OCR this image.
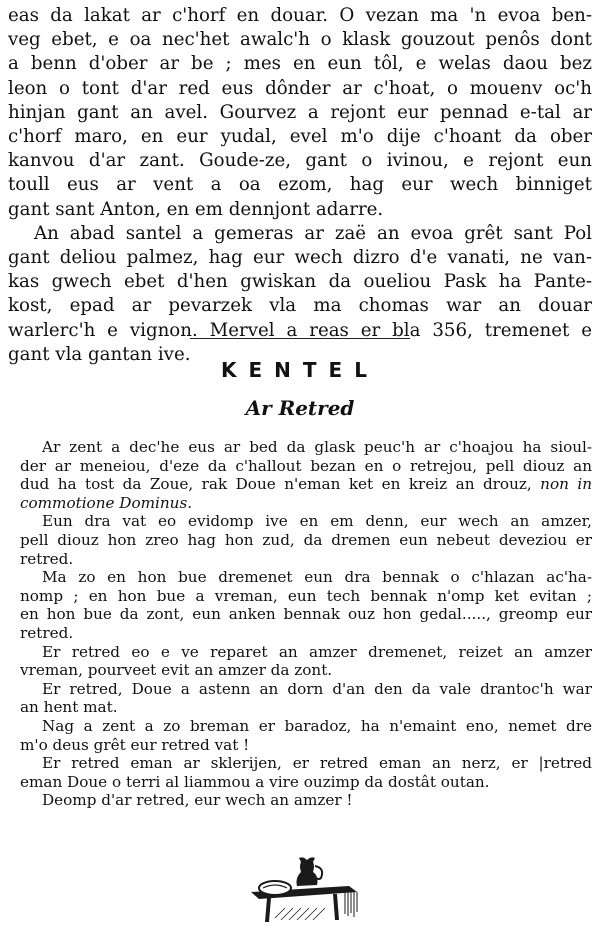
eas da lakat ar c'horf en douar. O vezan ma 'n evoa ben-
veg ebet, e oa nec'het awalc'h o klask gouzout penôs dont
a benn d'ober ar be ; mes en eun tôl, e welas daou bez
leon o tont d'ar red eus dônder ar c'hoat, o mouenv oc'h
hinjan gant an avel. Gourvez a rejont eur pennad e-tal ar
c'horf maro, en eur yudal, evel m'o dije c'hoant da ober
kanvou d'ar zant. Goude-ze, gant o ivinou, e rejont eun
toull eus ar vent a oa ezom, hag eur wech binniget
gant sant Anton, en em dennjont adarre.
An abad santel a gemeras ar zaë an evoa grêt sant Pol
gant deliou palmez, hag eur wech dizro d'e vanati, ne van-
kas gwech ebet d'hen gwiskan da oueliou Pask ha Pante-
kost, epad ar pevarzek vla ma chomas war an douar
warlerc'h e vignon. Mervel a reas er bla 356, tremenet e
gant vla gantan ive.
KENTEL
Ar Retred
Ar zent a dec'he eus ar bed da glask peuc'h ar c'hoajou ha sioul-
der ar meneiou, d'eze da c'hallout bezan en o retrejou, pell diouz an
dud ha tost da Zoue, rak Doue n'eman ket en kreiz an drouz, non in
commotione Dominus.
Eun dra vat eo evidomp ive en em denn, eur wech an amzer,
pell diouz hon zreo hag hon zud, da dremen eun nebeut deveziou er
retred.
Ma zo en hon bue dremenet eun dra bennak o c'hlazan ac'ha-
nomp ; en hon bue a vreman, eun tech bennak n'omp ket evitan ;
en hon bue da zont, eun anken bennak ouz hon gedal....., greomp eur
retred.
Er retred eo e ve reparet an amzer dremenet, reizet an amzer
vreman, pourveet evit an amzer da zont.
Er retred, Doue a astenn an dorn d'an den da vale drantoc'h war
an hent mat.
Nag a zent a zo breman er baradoz, ha n'emaint eno, nemet dre
m'o deus grêt eur retred vat !
Er retred eman ar sklerijen, er retred eman an nerz, er |retred
eman Doue o terri al liammou a vire ouzimp da dostât outan.
Deomp d'ar retred, eur wech an amzer !
